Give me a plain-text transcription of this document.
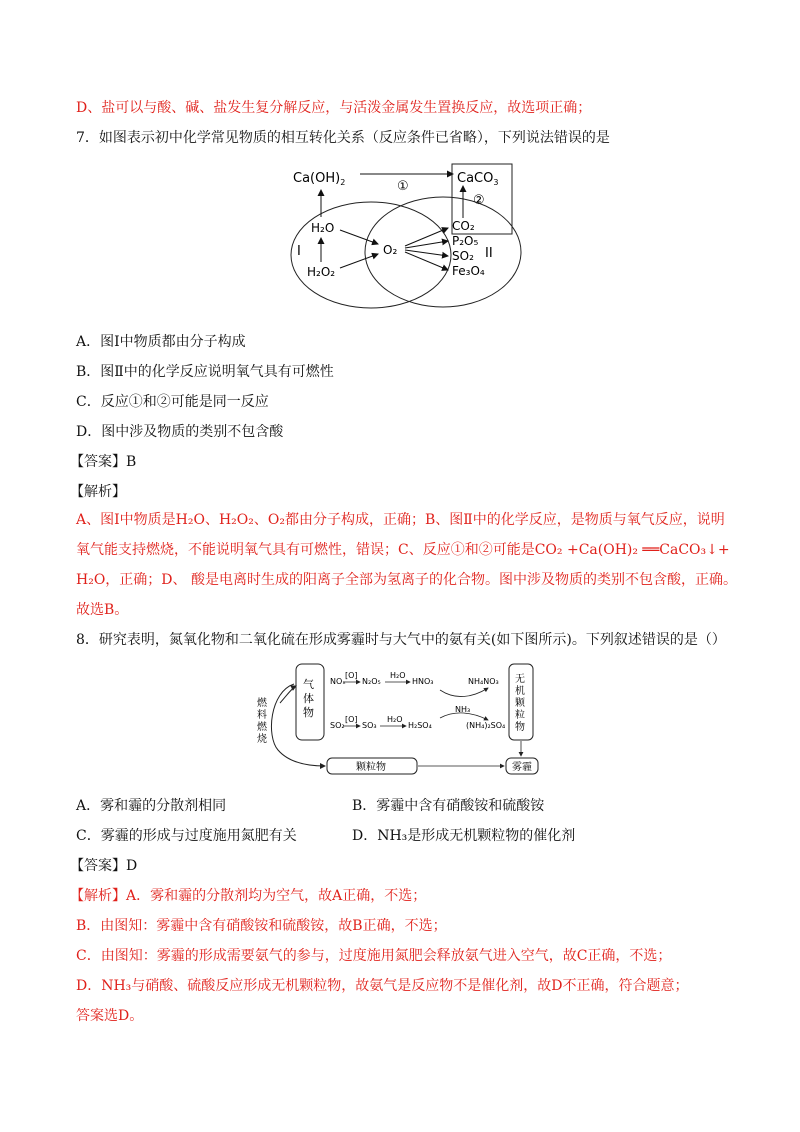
D、盐可以与酸、碱、盐发生复分解反应，与活泼金属发生置换反应，故选项正确；
7．如图表示初中化学常见物质的相互转化关系（反应条件已省略），下列说法错误的是
$Ca(OH)_2$	①
CaCO$_3$
②
H₂O
I
H₂O₂
O₂
CO₂
P₂O₅
SO₂
Fe₃O₄
II
A．图Ⅰ中物质都由分子构成
B．图Ⅱ中的化学反应说明氧气具有可燃性
C．反应①和②可能是同一反应
D．图中涉及物质的类别不包含酸
【答案】B
【解析】
A、图Ⅰ中物质是H₂O、H₂O₂、O₂都由分子构成，正确；B、图Ⅱ中的化学反应，是物质与氧气反应，说明
氧气能支持燃烧，不能说明氧气具有可燃性，错误；C、反应①和②可能是CO₂ +Ca(OH)₂ ══CaCO₃↓+
H₂O，正确；D、 酸是电离时生成的阳离子全部为氢离子的化合物。图中涉及物质的类别不包含酸，正确。
故选B。
8．研究表明，氮氧化物和二氧化硫在形成雾霾时与大气中的氨有关(如下图所示)。下列叙述错误的是（）
气
体
物
燃
料
燃
烧
NOₓ
[O]
N₂O₅
H₂O
HNO₃	NH₄NO₃
NH₃
SO₂
[O]
SO₃
H₂O
H₂SO₄	(NH₄)₂SO₄
无
机
颗
粒
物
颗粒物	雾霾
A．雾和霾的分散剂相同	B．雾霾中含有硝酸铵和硫酸铵
C．雾霾的形成与过度施用氮肥有关	D．NH₃是形成无机颗粒物的催化剂
【答案】D
【解析】A．雾和霾的分散剂均为空气，故A正确，不选；
B．由图知：雾霾中含有硝酸铵和硫酸铵，故B正确，不选；
C．由图知：雾霾的形成需要氨气的参与，过度施用氮肥会释放氨气进入空气，故C正确，不选；
D．NH₃与硝酸、硫酸反应形成无机颗粒物，故氨气是反应物不是催化剂，故D不正确，符合题意；
答案选D。
